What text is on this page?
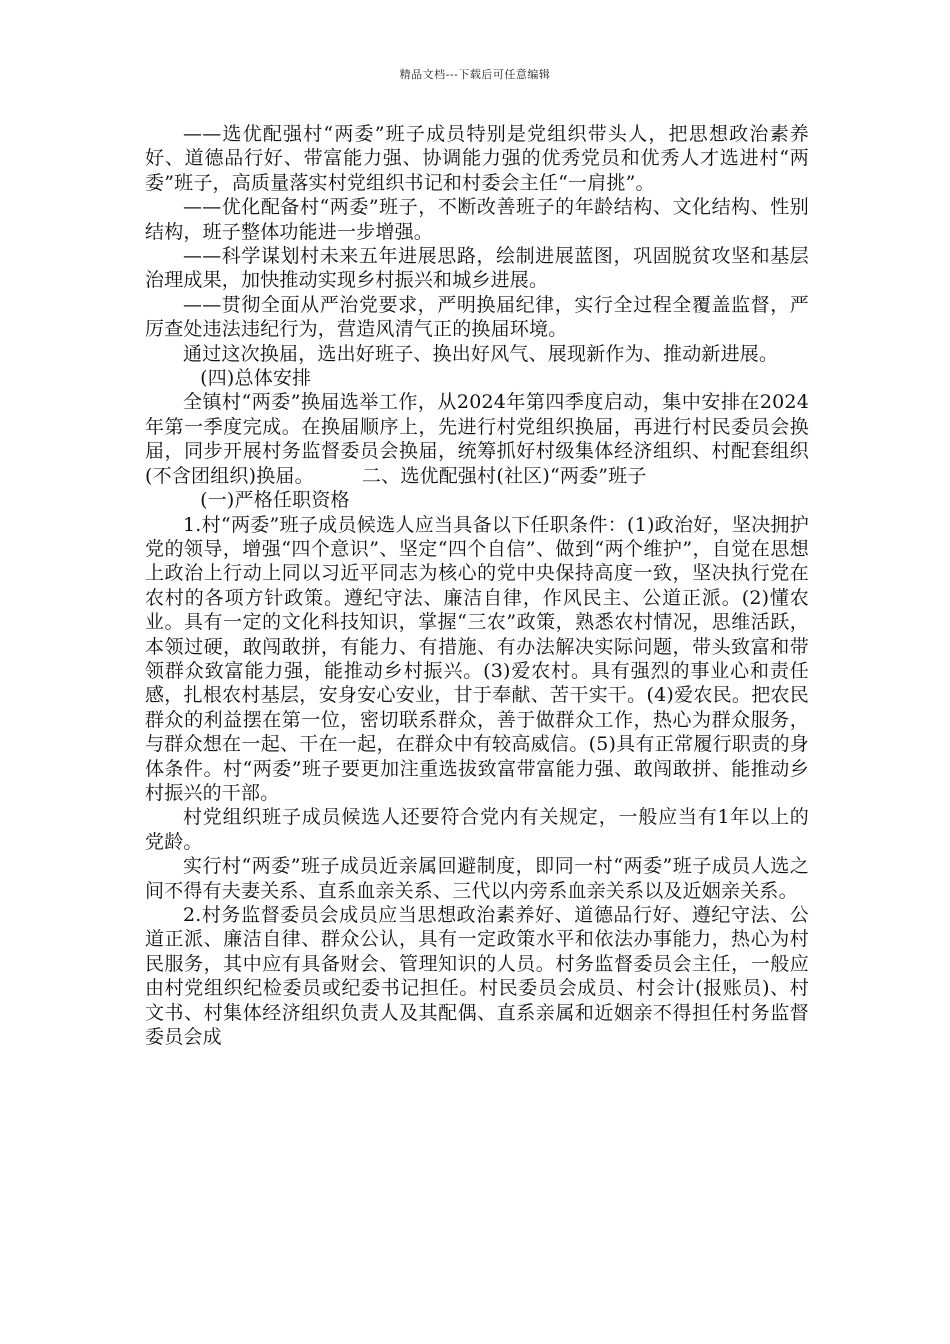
精品文档---下载后可任意编辑

——选优配强村“两委”班子成员特别是党组织带头人，把思想政治素养好、道德品行好、带富能力强、协调能力强的优秀党员和优秀人才选进村“两委”班子，高质量落实村党组织书记和村委会主任“一肩挑”。

——优化配备村“两委”班子，不断改善班子的年龄结构、文化结构、性别结构，班子整体功能进一步增强。

——科学谋划村未来五年进展思路，绘制进展蓝图，巩固脱贫攻坚和基层治理成果，加快推动实现乡村振兴和城乡进展。

——贯彻全面从严治党要求，严明换届纪律，实行全过程全覆盖监督，严厉查处违法违纪行为，营造风清气正的换届环境。

通过这次换届，选出好班子、换出好风气、展现新作为、推动新进展。

(四)总体安排

全镇村“两委”换届选举工作，从2024年第四季度启动，集中安排在2024年第一季度完成。在换届顺序上，先进行村党组织换届，再进行村民委员会换届，同步开展村务监督委员会换届，统筹抓好村级集体经济组织、村配套组织(不含团组织)换届。　　　二、选优配强村(社区)“两委”班子

(一)严格任职资格

1.村“两委”班子成员候选人应当具备以下任职条件：(1)政治好，坚决拥护党的领导，增强“四个意识”、坚定“四个自信”、做到“两个维护”，自觉在思想上政治上行动上同以习近平同志为核心的党中央保持高度一致，坚决执行党在农村的各项方针政策。遵纪守法、廉洁自律，作风民主、公道正派。(2)懂农业。具有一定的文化科技知识，掌握“三农”政策，熟悉农村情况，思维活跃，本领过硬，敢闯敢拼，有能力、有措施、有办法解决实际问题，带头致富和带领群众致富能力强，能推动乡村振兴。(3)爱农村。具有强烈的事业心和责任感，扎根农村基层，安身安心安业，甘于奉献、苦干实干。(4)爱农民。把农民群众的利益摆在第一位，密切联系群众，善于做群众工作，热心为群众服务，与群众想在一起、干在一起，在群众中有较高威信。(5)具有正常履行职责的身体条件。村“两委”班子要更加注重选拔致富带富能力强、敢闯敢拼、能推动乡村振兴的干部。

村党组织班子成员候选人还要符合党内有关规定，一般应当有1年以上的党龄。

实行村“两委”班子成员近亲属回避制度，即同一村“两委”班子成员人选之间不得有夫妻关系、直系血亲关系、三代以内旁系血亲关系以及近姻亲关系。

2.村务监督委员会成员应当思想政治素养好、道德品行好、遵纪守法、公道正派、廉洁自律、群众公认，具有一定政策水平和依法办事能力，热心为村民服务，其中应有具备财会、管理知识的人员。村务监督委员会主任，一般应由村党组织纪检委员或纪委书记担任。村民委员会成员、村会计(报账员)、村文书、村集体经济组织负责人及其配偶、直系亲属和近姻亲不得担任村务监督委员会成
